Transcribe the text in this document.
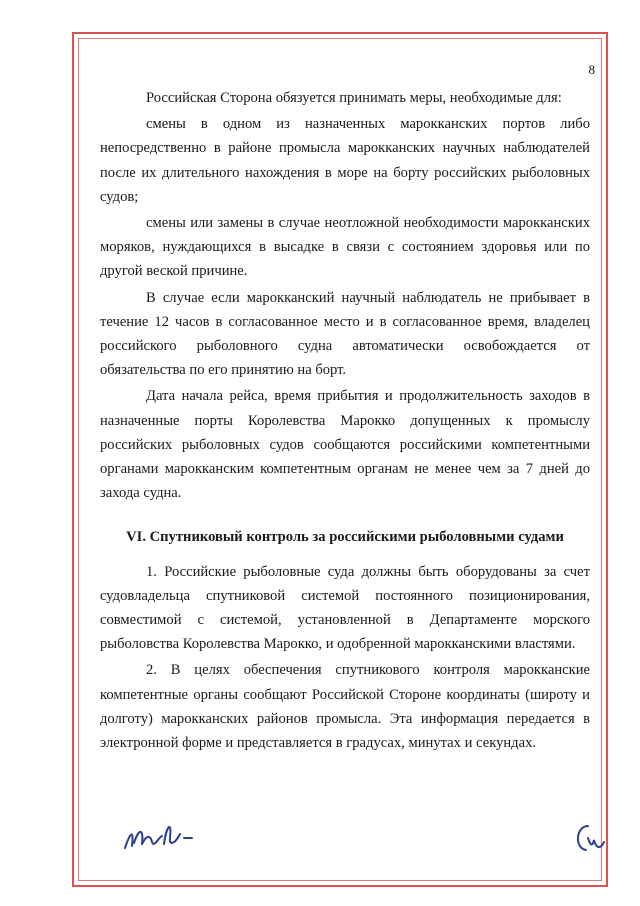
8

Российская Сторона обязуется принимать меры, необходимые для:

смены в одном из назначенных марокканских портов либо непосредственно в районе промысла марокканских научных наблюдателей после их длительного нахождения в море на борту российских рыболовных судов;

смены или замены в случае неотложной необходимости марокканских моряков, нуждающихся в высадке в связи с состоянием здоровья или по другой веской причине.

В случае если марокканский научный наблюдатель не прибывает в течение 12 часов в согласованное место и в согласованное время, владелец российского рыболовного судна автоматически освобождается от обязательства по его принятию на борт.

Дата начала рейса, время прибытия и продолжительность заходов в назначенные порты Королевства Марокко допущенных к промыслу российских рыболовных судов сообщаются российскими компетентными органами марокканским компетентным органам не менее чем за 7 дней до захода судна.

VI. Спутниковый контроль за российскими рыболовными судами

1. Российские рыболовные суда должны быть оборудованы за счет судовладельца спутниковой системой постоянного позиционирования, совместимой с системой, установленной в Департаменте морского рыболовства Королевства Марокко, и одобренной марокканскими властями.

2. В целях обеспечения спутникового контроля марокканские компетентные органы сообщают Российской Стороне координаты (широту и долготу) марокканских районов промысла. Эта информация передается в электронной форме и представляется в градусах, минутах и секундах.
